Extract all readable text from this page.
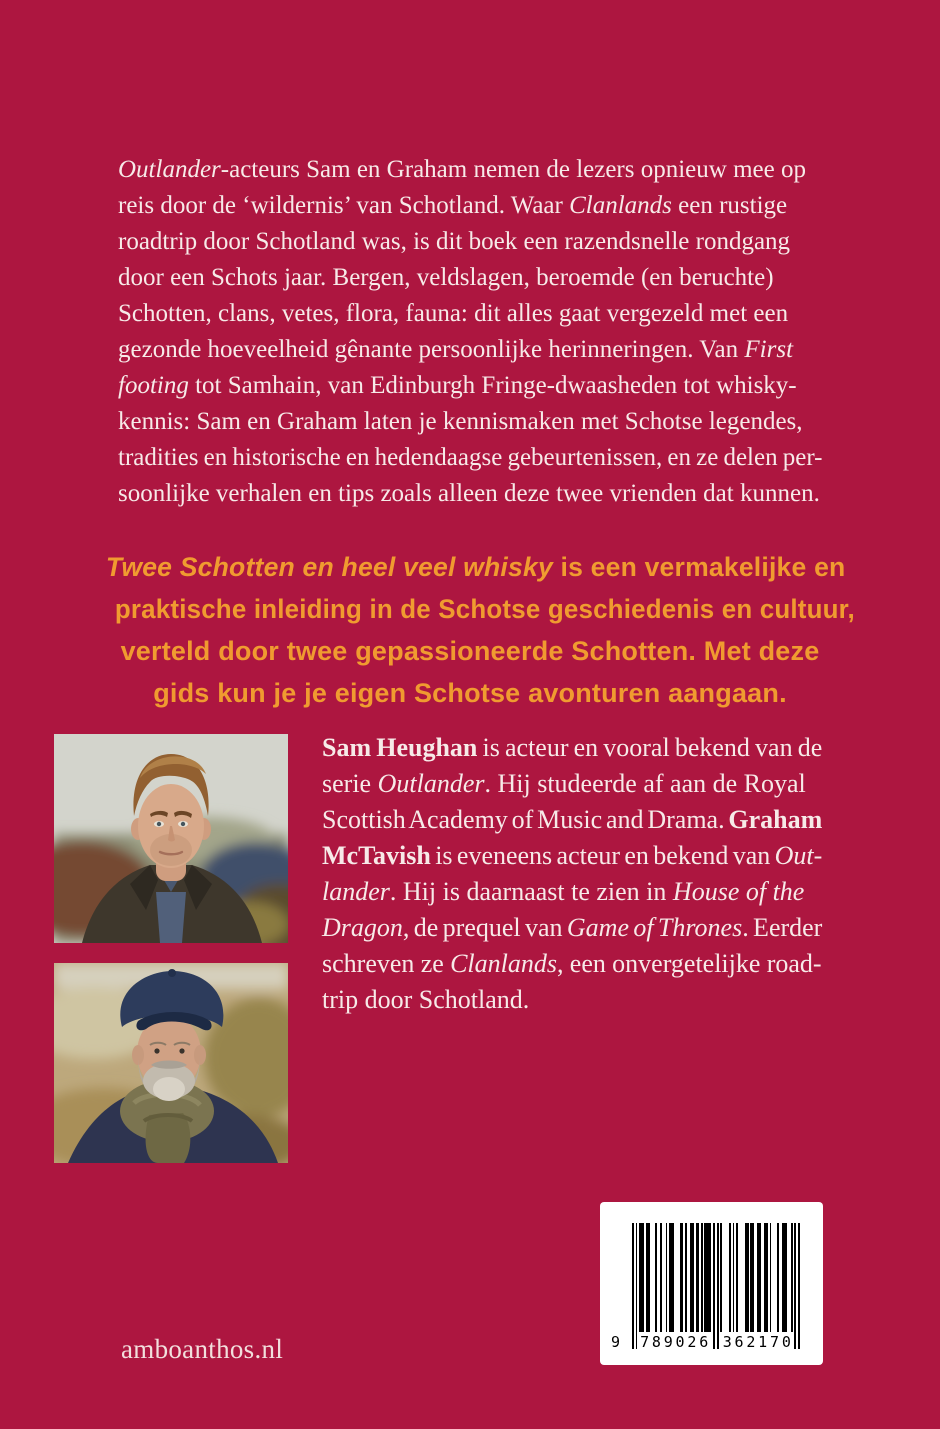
Outlander-acteurs Sam en Graham nemen de lezers opnieuw mee op
reis door de ‘wildernis’ van Schotland. Waar Clanlands een rustige
roadtrip door Schotland was, is dit boek een razendsnelle rondgang
door een Schots jaar. Bergen, veldslagen, beroemde (en beruchte)
Schotten, clans, vetes, flora, fauna: dit alles gaat vergezeld met een
gezonde hoeveelheid gênante persoonlijke herinneringen. Van First
footing tot Samhain, van Edinburgh Fringe-dwaasheden tot whisky-
kennis: Sam en Graham laten je kennismaken met Schotse legendes,
tradities en historische en hedendaagse gebeurtenissen, en ze delen per-
soonlijke verhalen en tips zoals alleen deze twee vrienden dat kunnen.
Twee Schotten en heel veel whisky is een vermakelijke en
praktische inleiding in de Schotse geschiedenis en cultuur,
verteld door twee gepassioneerde Schotten. Met deze
gids kun je je eigen Schotse avonturen aangaan.
Sam Heughan is acteur en vooral bekend van de
serie Outlander. Hij studeerde af aan de Royal
Scottish Academy of Music and Drama. Graham
McTavish is eveneens acteur en bekend van Out-
lander. Hij is daarnaast te zien in House of the
Dragon, de prequel van Game of Thrones. Eerder
schreven ze Clanlands, een onvergetelijke road-
trip door Schotland.
amboanthos.nl	9 7 8 9 0 2 6 3 6 2 1 7 0
